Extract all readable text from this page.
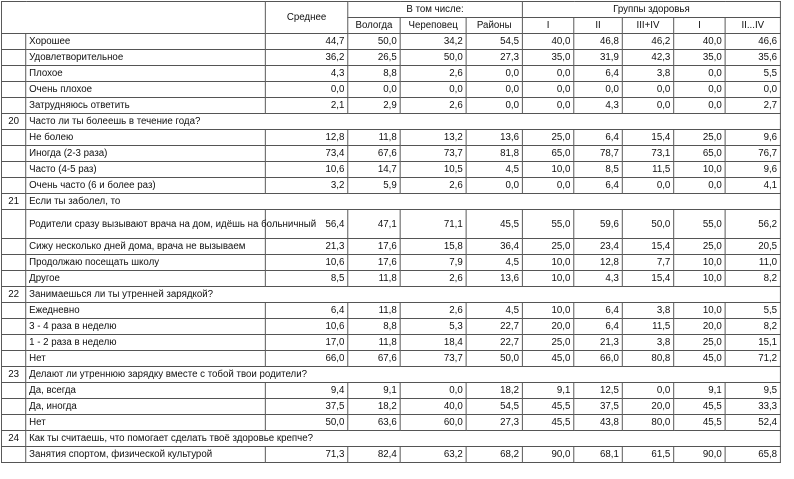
		Среднее	В том числе:			Группы здоровья				
			Вологда	Череповец	Районы	I	II	III+IV	I	II...IV
	Хорошее	44,7	50,0	34,2	54,5	40,0	46,8	46,2	40,0	46,6
	Удовлетворительное	36,2	26,5	50,0	27,3	35,0	31,9	42,3	35,0	35,6
	Плохое	4,3	8,8	2,6	0,0	0,0	6,4	3,8	0,0	5,5
	Очень плохое	0,0	0,0	0,0	0,0	0,0	0,0	0,0	0,0	0,0
	Затрудняюсь ответить	2,1	2,9	2,6	0,0	0,0	4,3	0,0	0,0	2,7
20	Часто ли ты болеешь в течение года?									
	Не болею	12,8	11,8	13,2	13,6	25,0	6,4	15,4	25,0	9,6
	Иногда (2-3 раза)	73,4	67,6	73,7	81,8	65,0	78,7	73,1	65,0	76,7
	Часто (4-5 раз)	10,6	14,7	10,5	4,5	10,0	8,5	11,5	10,0	9,6
	Очень часто (6 и более раз)	3,2	5,9	2,6	0,0	0,0	6,4	0,0	0,0	4,1
21	Если ты заболел, то									
	Родители сразу вызывают врача на дом, идёшь на больничный	56,4	47,1	71,1	45,5	55,0	59,6	50,0	55,0	56,2
	Сижу несколько дней дома, врача не вызываем	21,3	17,6	15,8	36,4	25,0	23,4	15,4	25,0	20,5
	Продолжаю посещать школу	10,6	17,6	7,9	4,5	10,0	12,8	7,7	10,0	11,0
	Другое	8,5	11,8	2,6	13,6	10,0	4,3	15,4	10,0	8,2
22	Занимаешься ли ты утренней зарядкой?									
	Ежедневно	6,4	11,8	2,6	4,5	10,0	6,4	3,8	10,0	5,5
	3 - 4 раза в неделю	10,6	8,8	5,3	22,7	20,0	6,4	11,5	20,0	8,2
	1 - 2 раза в неделю	17,0	11,8	18,4	22,7	25,0	21,3	3,8	25,0	15,1
	Нет	66,0	67,6	73,7	50,0	45,0	66,0	80,8	45,0	71,2
23	Делают ли утреннюю зарядку вместе с тобой твои родители?									
	Да, всегда	9,4	9,1	0,0	18,2	9,1	12,5	0,0	9,1	9,5
	Да, иногда	37,5	18,2	40,0	54,5	45,5	37,5	20,0	45,5	33,3
	Нет	50,0	63,6	60,0	27,3	45,5	43,8	80,0	45,5	52,4
24	Как ты считаешь, что помогает сделать твоё здоровье крепче?									
	Занятия спортом, физической культурой	71,3	82,4	63,2	68,2	90,0	68,1	61,5	90,0	65,8
